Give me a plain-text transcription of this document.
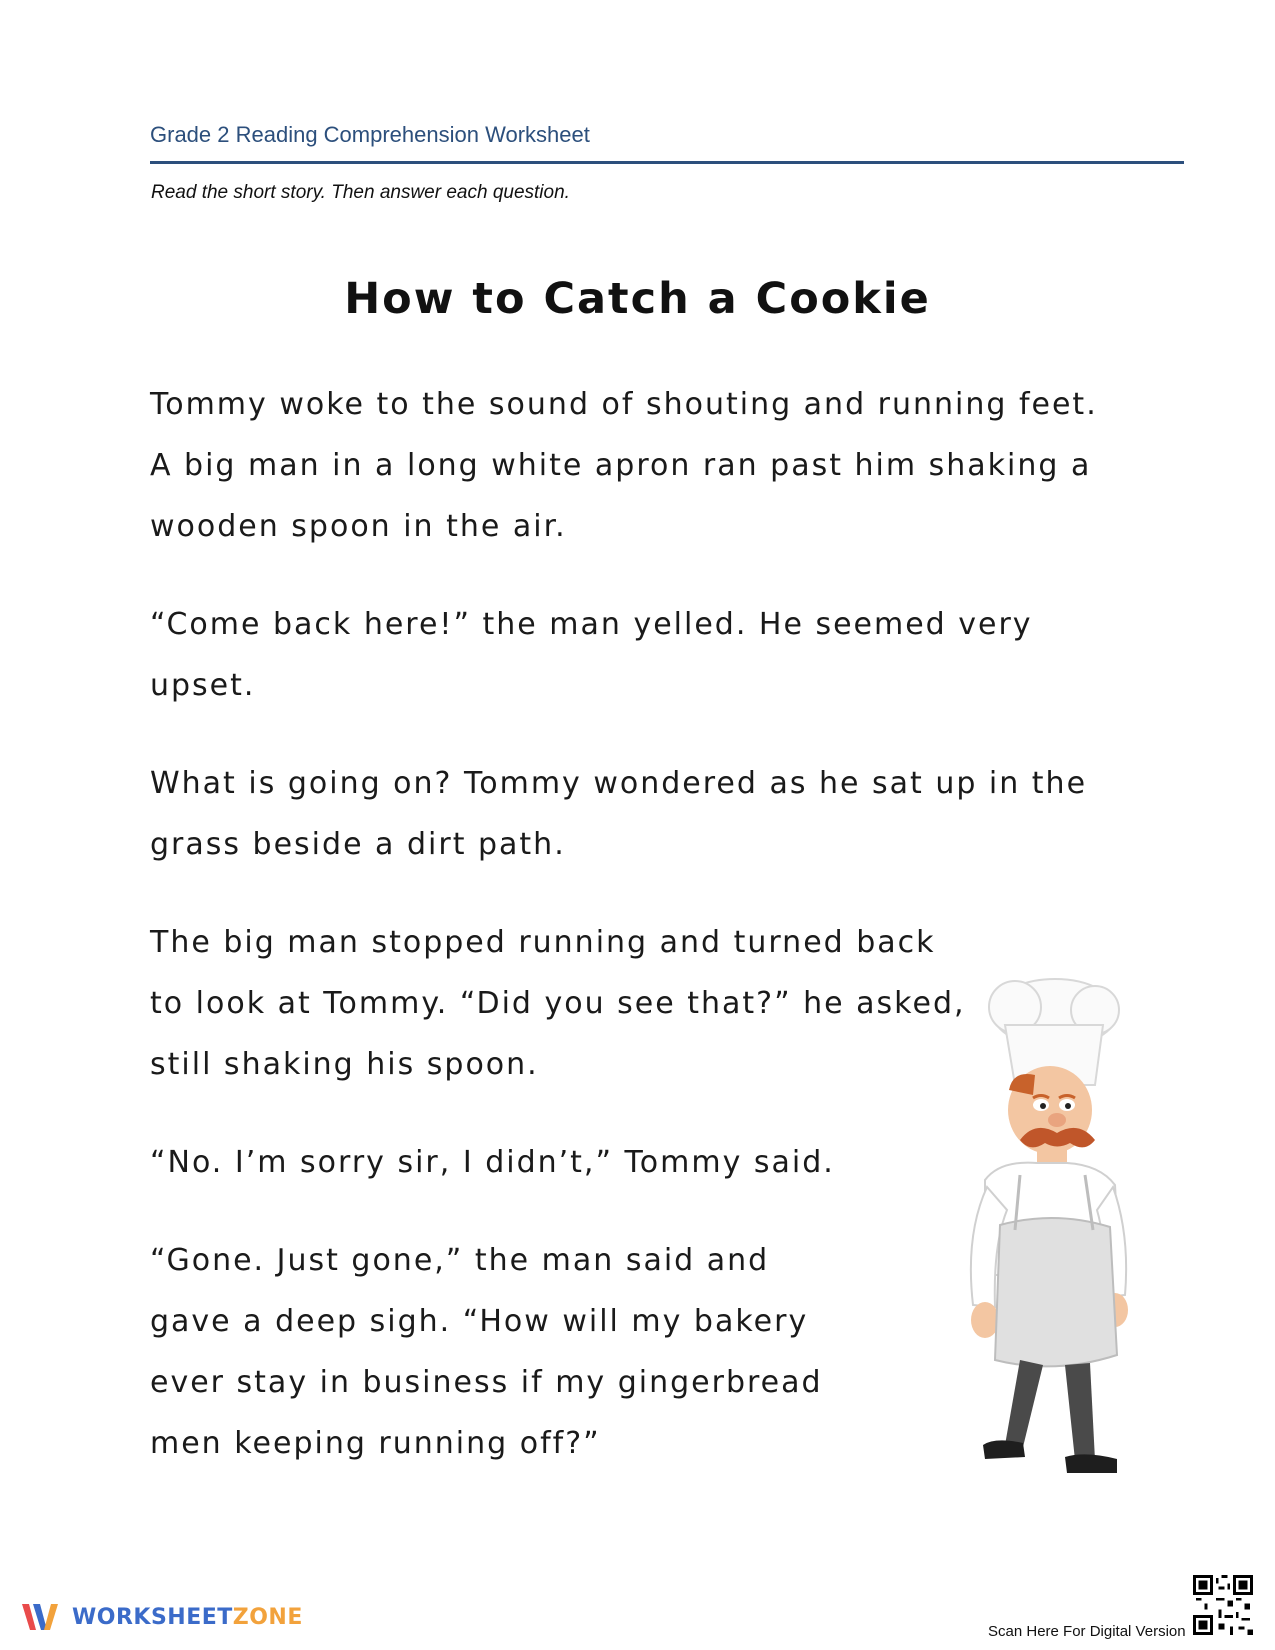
Grade 2 Reading Comprehension Worksheet
Read the short story. Then answer each question.
How to Catch a Cookie

Tommy woke to the sound of shouting and running feet. A big man in a long white apron ran past him shaking a wooden spoon in the air.

“Come back here!” the man yelled. He seemed very upset.

What is going on? Tommy wondered as he sat up in the grass beside a dirt path.

The big man stopped running and turned back to look at Tommy. “Did you see that?” he asked, still shaking his spoon.

“No. I’m sorry sir, I didn’t,” Tommy said.

“Gone. Just gone,” the man said and gave a deep sigh. “How will my bakery ever stay in business if my gingerbread men keeping running off?”

WORKSHEETZONE
Scan Here For Digital Version
